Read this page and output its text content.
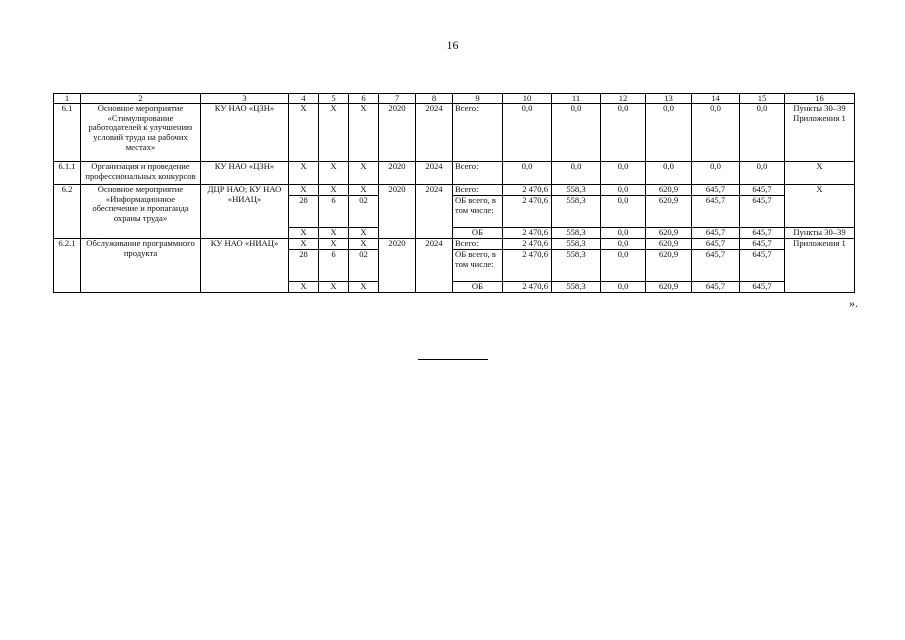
16
1	2	3	4	5	6	7	8	9	10	11	12	13	14	15	16
6.1	Основное мероприятие «Стимулирование работодателей к улучшению условий труда на рабочих местах»	КУ НАО «ЦЗН»	Х	Х	Х	2020	2024	Всего:	0,0	0,0	0,0	0,0	0,0	0,0	Пункты 30–39 Приложения 1
6.1.1	Организация и проведение профессиональных конкурсов	КУ НАО «ЦЗН»	Х	Х	Х	2020	2024	Всего:	0,0	0,0	0,0	0,0	0,0	0,0	Х
6.2	Основное мероприятие «Информационное обеспечение и пропаганда охраны труда»	ДЦР НАО; КУ НАО «НИАЦ»	Х	Х	Х	2020	2024	Всего:	2 470,6	558,3	0,0	620,9	645,7	645,7	Х
			28	6	02			ОБ всего, в том числе:	2 470,6	558,3	0,0	620,9	645,7	645,7	
			Х	Х	Х			ОБ	2 470,6	558,3	0,0	620,9	645,7	645,7	Пункты 30–39
6.2.1	Обслуживание программного продукта	КУ НАО «НИАЦ»	Х	Х	Х	2020	2024	Всего:	2 470,6	558,3	0,0	620,9	645,7	645,7	Приложения 1
			28	6	02			ОБ всего, в том числе:	2 470,6	558,3	0,0	620,9	645,7	645,7	
			Х	Х	Х			ОБ	2 470,6	558,3	0,0	620,9	645,7	645,7	
».
